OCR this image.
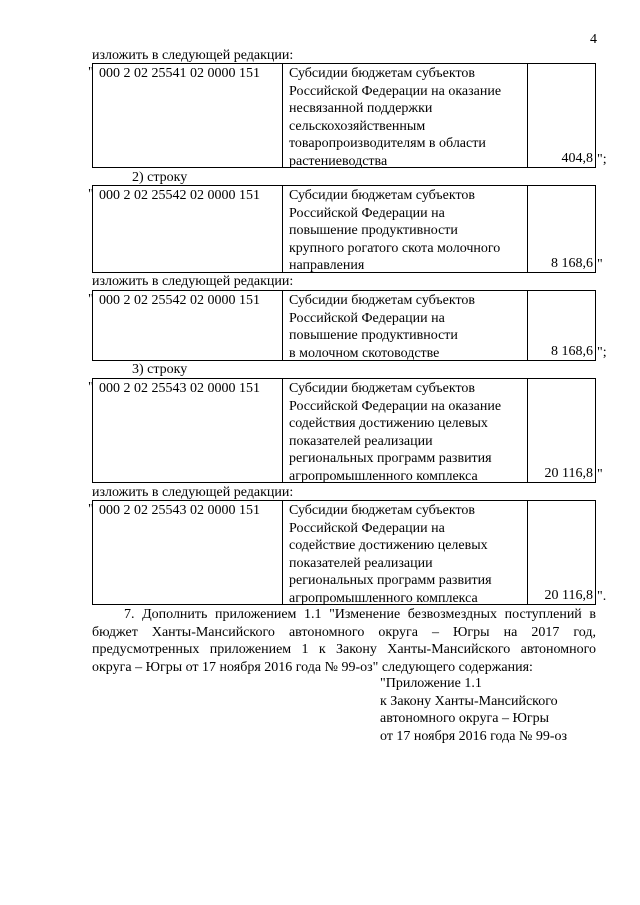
4
изложить в следующей редакции:
000 2 02 25541 02 0000 151	Субсидии бюджетам субъектов
Российской Федерации на оказание
несвязанной поддержки
сельскохозяйственным
товаропроизводителям в области
растениеводства	404,8
"
";
2) строку
000 2 02 25542 02 0000 151	Субсидии бюджетам субъектов
Российской Федерации на
повышение продуктивности
крупного рогатого скота молочного
направления	8 168,6
"
"
изложить в следующей редакции:
000 2 02 25542 02 0000 151	Субсидии бюджетам субъектов
Российской Федерации на
повышение продуктивности
в молочном скотоводстве	8 168,6
"
";
3) строку
000 2 02 25543 02 0000 151	Субсидии бюджетам субъектов
Российской Федерации на оказание
содействия достижению целевых
показателей реализации
региональных программ развития
агропромышленного комплекса	20 116,8
"
"
изложить в следующей редакции:
000 2 02 25543 02 0000 151	Субсидии бюджетам субъектов
Российской Федерации на
содействие достижению целевых
показателей реализации
региональных программ развития
агропромышленного комплекса	20 116,8
"
".
7. Дополнить приложением 1.1 "Изменение безвозмездных поступлений в бюджет Ханты-Мансийского автономного округа – Югры на 2017 год, предусмотренных приложением 1 к Закону Ханты-Мансийского автономного округа – Югры от 17 ноября 2016 года № 99-оз" следующего содержания:
"Приложение 1.1
к Закону Ханты-Мансийского
автономного округа – Югры
от 17 ноября 2016 года № 99-оз
